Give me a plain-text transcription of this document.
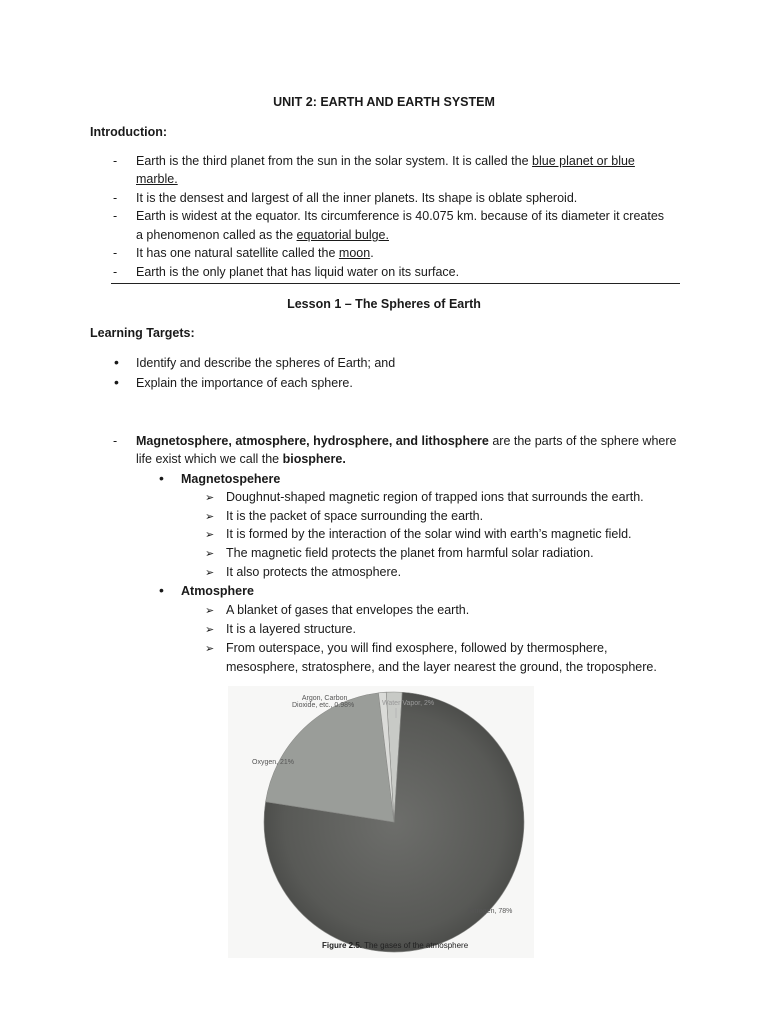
UNIT 2: EARTH AND EARTH SYSTEM
Introduction:
- Earth is the third planet from the sun in the solar system. It is called the blue planet or blue
marble.
- It is the densest and largest of all the inner planets. Its shape is oblate spheroid.
- Earth is widest at the equator. Its circumference is 40.075 km. because of its diameter it creates
a phenomenon called as the equatorial bulge.
- It has one natural satellite called the moon.
- Earth is the only planet that has liquid water on its surface.
Lesson 1 – The Spheres of Earth
Learning Targets:
• Identify and describe the spheres of Earth; and
• Explain the importance of each sphere.
- Magnetosphere, atmosphere, hydrosphere, and lithosphere are the parts of the sphere where
life exist which we call the biosphere.
• Magnetospehere
➢ Doughnut-shaped magnetic region of trapped ions that surrounds the earth.
➢ It is the packet of space surrounding the earth.
➢ It is formed by the interaction of the solar wind with earth’s magnetic field.
➢ The magnetic field protects the planet from harmful solar radiation.
➢ It also protects the atmosphere.
• Atmosphere
➢ A blanket of gases that envelopes the earth.
➢ It is a layered structure.
➢ From outerspace, you will find exosphere, followed by thermosphere,
mesosphere, stratosphere, and the layer nearest the ground, the troposphere.
Argon, Carbon
Dioxide, etc., 0.98%	Water Vapor, 2%
Oxygen, 21%
Nitrogen, 78%
Figure 2.5. The gases of the atmosphere
